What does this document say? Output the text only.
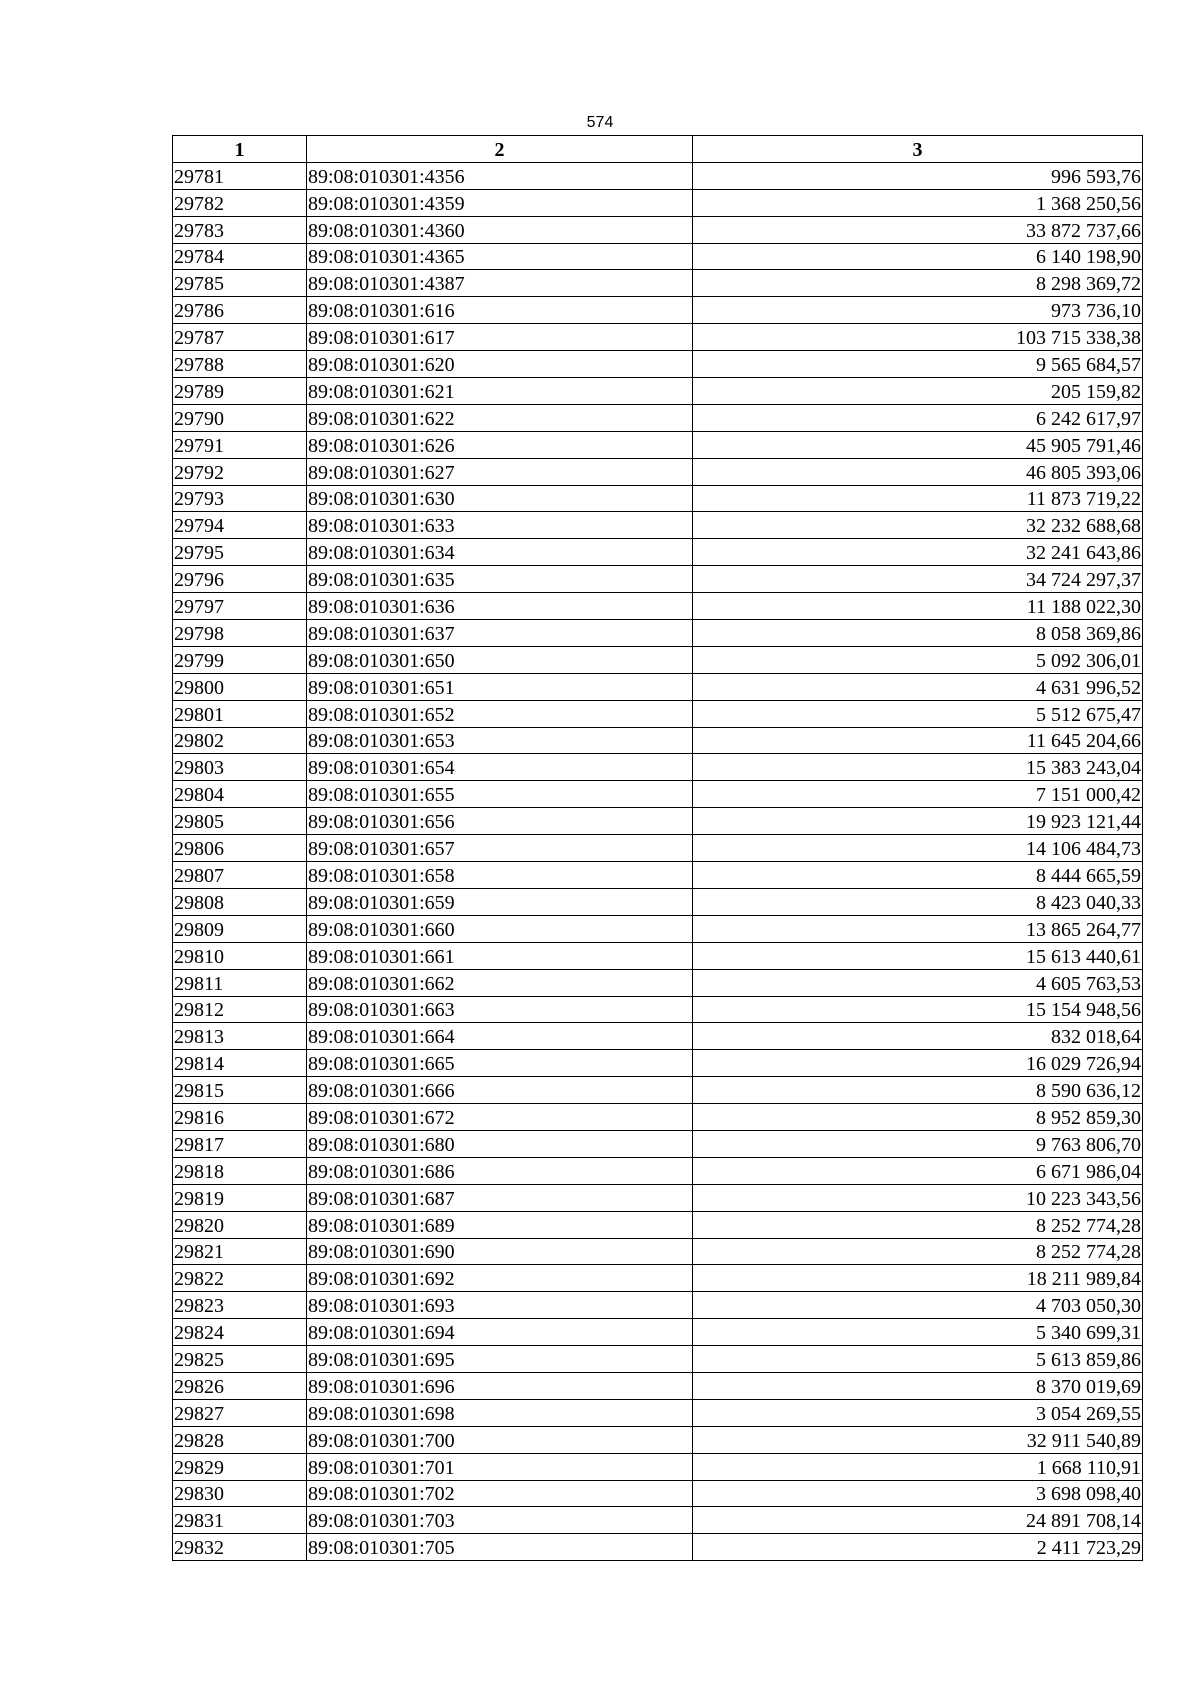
574
1	2	3
29781	89:08:010301:4356	996 593,76
29782	89:08:010301:4359	1 368 250,56
29783	89:08:010301:4360	33 872 737,66
29784	89:08:010301:4365	6 140 198,90
29785	89:08:010301:4387	8 298 369,72
29786	89:08:010301:616	973 736,10
29787	89:08:010301:617	103 715 338,38
29788	89:08:010301:620	9 565 684,57
29789	89:08:010301:621	205 159,82
29790	89:08:010301:622	6 242 617,97
29791	89:08:010301:626	45 905 791,46
29792	89:08:010301:627	46 805 393,06
29793	89:08:010301:630	11 873 719,22
29794	89:08:010301:633	32 232 688,68
29795	89:08:010301:634	32 241 643,86
29796	89:08:010301:635	34 724 297,37
29797	89:08:010301:636	11 188 022,30
29798	89:08:010301:637	8 058 369,86
29799	89:08:010301:650	5 092 306,01
29800	89:08:010301:651	4 631 996,52
29801	89:08:010301:652	5 512 675,47
29802	89:08:010301:653	11 645 204,66
29803	89:08:010301:654	15 383 243,04
29804	89:08:010301:655	7 151 000,42
29805	89:08:010301:656	19 923 121,44
29806	89:08:010301:657	14 106 484,73
29807	89:08:010301:658	8 444 665,59
29808	89:08:010301:659	8 423 040,33
29809	89:08:010301:660	13 865 264,77
29810	89:08:010301:661	15 613 440,61
29811	89:08:010301:662	4 605 763,53
29812	89:08:010301:663	15 154 948,56
29813	89:08:010301:664	832 018,64
29814	89:08:010301:665	16 029 726,94
29815	89:08:010301:666	8 590 636,12
29816	89:08:010301:672	8 952 859,30
29817	89:08:010301:680	9 763 806,70
29818	89:08:010301:686	6 671 986,04
29819	89:08:010301:687	10 223 343,56
29820	89:08:010301:689	8 252 774,28
29821	89:08:010301:690	8 252 774,28
29822	89:08:010301:692	18 211 989,84
29823	89:08:010301:693	4 703 050,30
29824	89:08:010301:694	5 340 699,31
29825	89:08:010301:695	5 613 859,86
29826	89:08:010301:696	8 370 019,69
29827	89:08:010301:698	3 054 269,55
29828	89:08:010301:700	32 911 540,89
29829	89:08:010301:701	1 668 110,91
29830	89:08:010301:702	3 698 098,40
29831	89:08:010301:703	24 891 708,14
29832	89:08:010301:705	2 411 723,29
